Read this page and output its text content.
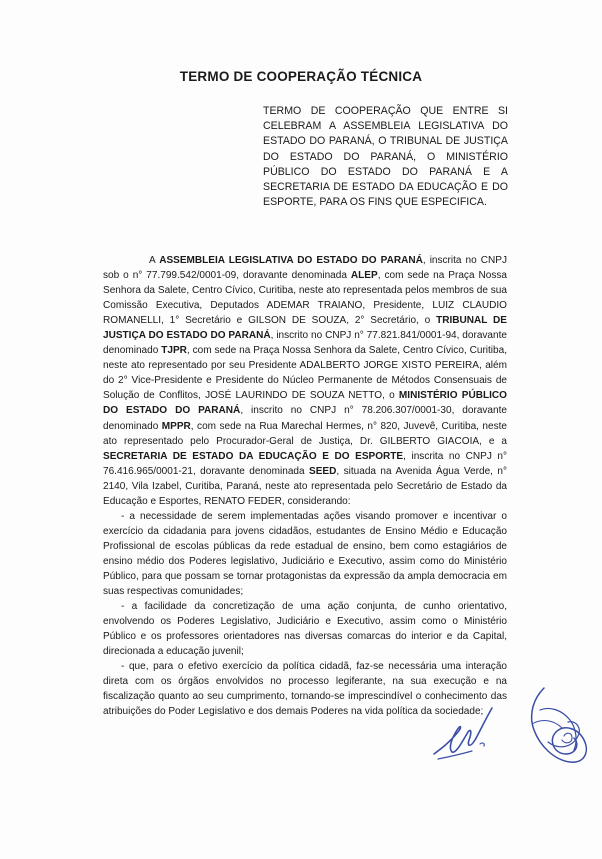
TERMO DE COOPERAÇÃO TÉCNICA
TERMO DE COOPERAÇÃO QUE ENTRE SI CELEBRAM A ASSEMBLEIA LEGISLATIVA DO ESTADO DO PARANÁ, O TRIBUNAL DE JUSTIÇA DO ESTADO DO PARANÁ, O MINISTÉRIO PÚBLICO DO ESTADO DO PARANÁ E A SECRETARIA DE ESTADO DA EDUCAÇÃO E DO ESPORTE, PARA OS FINS QUE ESPECIFICA.

A ASSEMBLEIA LEGISLATIVA DO ESTADO DO PARANÁ, inscrita no CNPJ sob o n° 77.799.542/0001-09, doravante denominada ALEP, com sede na Praça Nossa Senhora da Salete, Centro Cívico, Curitiba, neste ato representada pelos membros de sua Comissão Executiva, Deputados ADEMAR TRAIANO, Presidente, LUIZ CLAUDIO ROMANELLI, 1° Secretário e GILSON DE SOUZA, 2° Secretário, o TRIBUNAL DE JUSTIÇA DO ESTADO DO PARANÁ, inscrito no CNPJ n° 77.821.841/0001-94, doravante denominado TJPR, com sede na Praça Nossa Senhora da Salete, Centro Cívico, Curitiba, neste ato representado por seu Presidente ADALBERTO JORGE XISTO PEREIRA, além do 2° Vice-Presidente e Presidente do Núcleo Permanente de Métodos Consensuais de Solução de Conflitos, JOSÉ LAURINDO DE SOUZA NETTO, o MINISTÉRIO PÚBLICO DO ESTADO DO PARANÁ, inscrito no CNPJ n° 78.206.307/0001-30, doravante denominado MPPR, com sede na Rua Marechal Hermes, n° 820, Juvevê, Curitiba, neste ato representado pelo Procurador-Geral de Justiça, Dr. GILBERTO GIACOIA, e a SECRETARIA DE ESTADO DA EDUCAÇÃO E DO ESPORTE, inscrita no CNPJ n° 76.416.965/0001-21, doravante denominada SEED, situada na Avenida Água Verde, n° 2140, Vila Izabel, Curitiba, Paraná, neste ato representada pelo Secretário de Estado da Educação e Esportes, RENATO FEDER, considerando:

- a necessidade de serem implementadas ações visando promover e incentivar o exercício da cidadania para jovens cidadãos, estudantes de Ensino Médio e Educação Profissional de escolas públicas da rede estadual de ensino, bem como estagiários de ensino médio dos Poderes legislativo, Judiciário e Executivo, assim como do Ministério Público, para que possam se tornar protagonistas da expressão da ampla democracia em suas respectivas comunidades;

- a facilidade da concretização de uma ação conjunta, de cunho orientativo, envolvendo os Poderes Legislativo, Judiciário e Executivo, assim como o Ministério Público e os professores orientadores nas diversas comarcas do interior e da Capital, direcionada a educação juvenil;

- que, para o efetivo exercício da política cidadã, faz-se necessária uma interação direta com os órgãos envolvidos no processo legiferante, na sua execução e na fiscalização quanto ao seu cumprimento, tornando-se imprescindível o conhecimento das atribuições do Poder Legislativo e dos demais Poderes na vida política da sociedade;
